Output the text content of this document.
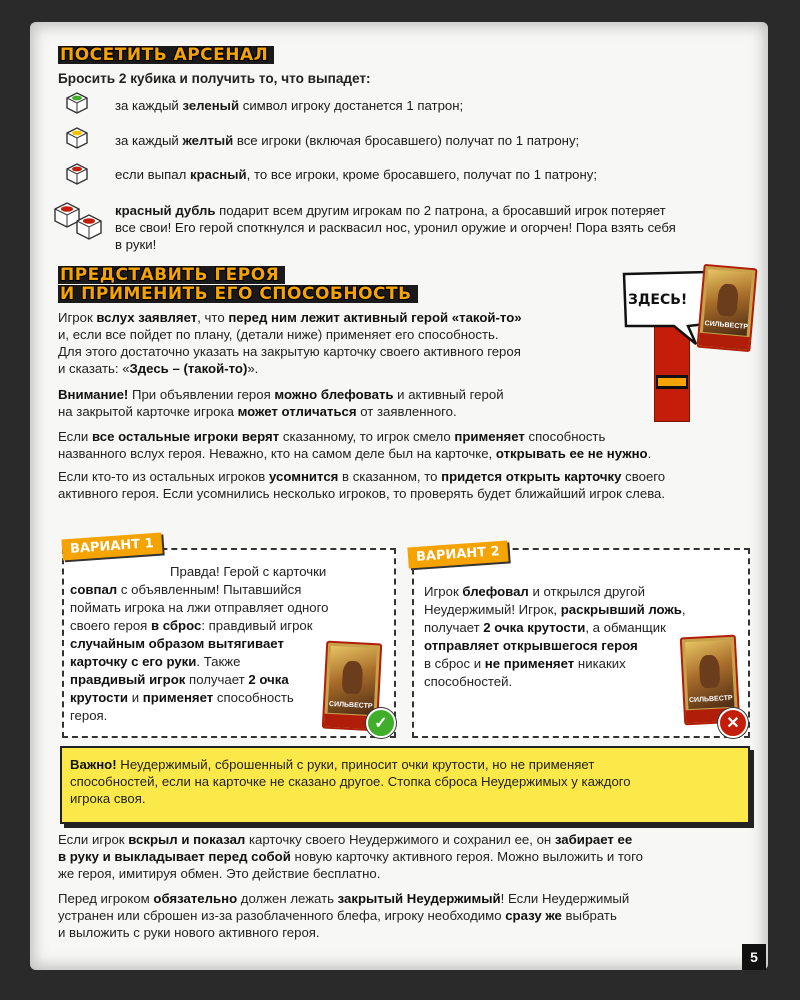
ПОСЕТИТЬ АРСЕНАЛ
Бросить 2 кубика и получить то, что выпадет:
за каждый зеленый символ игроку достанется 1 патрон;
за каждый желтый все игроки (включая бросавшего) получат по 1 патрону;
если выпал красный, то все игроки, кроме бросавшего, получат по 1 патрону;
красный дубль подарит всем другим игрокам по 2 патрона, а бросавший игрок потеряет
все свои! Его герой споткнулся и расквасил нос, уронил оружие и огорчен! Пора взять себя
в руки!
ПРЕДСТАВИТЬ ГЕРОЯ
И ПРИМЕНИТЬ ЕГО СПОСОБНОСТЬ
Игрок вслух заявляет, что перед ним лежит активный герой «такой-то»
и, если все пойдет по плану, (детали ниже) применяет его способность.
Для этого достаточно указать на закрытую карточку своего активного героя
и сказать: «Здесь – (такой-то)».
Внимание! При объявлении героя можно блефовать и активный герой
на закрытой карточке игрока может отличаться от заявленного.
Если все остальные игроки верят сказанному, то игрок смело применяет способность
названного вслух героя. Неважно, кто на самом деле был на карточке, открывать ее не нужно.
Если кто-то из остальных игроков усомнится в сказанном, то придется открыть карточку своего
активного героя. Если усомнились несколько игроков, то проверять будет ближайший игрок слева.
ЗДЕСЬ!
СИЛЬВЕСТР
ВАРИАНТ 1
Правда! Герой с карточки
совпал с объявленным! Пытавшийся
поймать игрока на лжи отправляет одного
своего героя в сброс: правдивый игрок
случайным образом вытягивает
карточку с его руки. Также
правдивый игрок получает 2 очка
крутости и применяет способность
героя.
СИЛЬВЕСТР
✓
ВАРИАНТ 2
Игрок блефовал и открылся другой
Неудержимый! Игрок, раскрывший ложь,
получает 2 очка крутости, а обманщик
отправляет открывшегося героя
в сброс и не применяет никаких
способностей.
СИЛЬВЕСТР
✕
Важно! Неудержимый, сброшенный с руки, приносит очки крутости, но не применяет
способностей, если на карточке не сказано другое. Стопка сброса Неудержимых у каждого
игрока своя.
Если игрок вскрыл и показал карточку своего Неудержимого и сохранил ее, он забирает ее
в руку и выкладывает перед собой новую карточку активного героя. Можно выложить и того
же героя, имитируя обмен. Это действие бесплатно.
Перед игроком обязательно должен лежать закрытый Неудержимый! Если Неудержимый
устранен или сброшен из-за разоблаченного блефа, игроку необходимо сразу же выбрать
и выложить с руки нового активного героя.
5
